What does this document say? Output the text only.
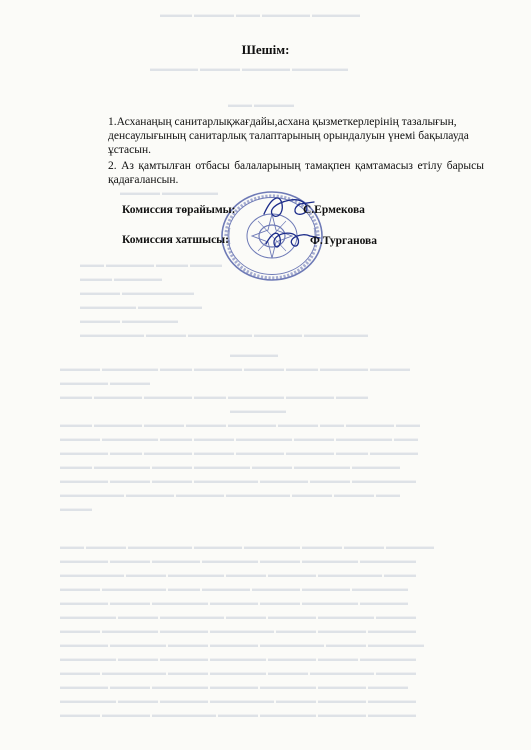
▬▬▬▬ ▬▬▬▬▬ ▬▬▬ ▬▬▬▬▬▬ ▬▬▬▬▬▬
▬▬▬▬▬▬ ▬▬▬▬▬ ▬▬▬▬▬▬ ▬▬▬▬▬▬▬
▬▬▬ ▬▬▬▬▬
▬▬▬▬▬ ▬▬▬▬▬▬▬
▬▬▬ ▬▬▬▬▬▬ ▬▬▬▬ ▬▬▬▬
▬▬▬▬ ▬▬▬▬▬▬
▬▬▬▬▬ ▬▬▬▬▬▬▬▬▬
▬▬▬▬▬▬▬ ▬▬▬▬▬▬▬▬
▬▬▬▬▬ ▬▬▬▬▬▬▬
▬▬▬▬▬▬▬▬ ▬▬▬▬▬ ▬▬▬▬▬▬▬▬ ▬▬▬▬▬▬ ▬▬▬▬▬▬▬▬
▬▬▬▬▬▬
▬▬▬▬▬ ▬▬▬▬▬▬▬ ▬▬▬▬ ▬▬▬▬▬▬ ▬▬▬▬▬ ▬▬▬▬ ▬▬▬▬▬▬ ▬▬▬▬▬
▬▬▬▬▬▬ ▬▬▬▬▬
▬▬▬▬ ▬▬▬▬▬▬ ▬▬▬▬▬▬ ▬▬▬▬ ▬▬▬▬▬▬▬ ▬▬▬▬▬▬ ▬▬▬▬
▬▬▬▬▬▬▬
▬▬▬▬ ▬▬▬▬▬▬ ▬▬▬▬▬ ▬▬▬▬▬ ▬▬▬▬▬▬ ▬▬▬▬▬ ▬▬▬ ▬▬▬▬▬▬ ▬▬▬
▬▬▬▬▬ ▬▬▬▬▬▬▬ ▬▬▬▬ ▬▬▬▬▬ ▬▬▬▬▬▬▬ ▬▬▬▬▬ ▬▬▬▬▬▬▬ ▬▬▬
▬▬▬▬▬▬ ▬▬▬▬ ▬▬▬▬▬▬ ▬▬▬▬▬ ▬▬▬▬▬▬ ▬▬▬▬▬▬ ▬▬▬▬ ▬▬▬▬▬▬
▬▬▬▬ ▬▬▬▬▬▬▬ ▬▬▬▬▬ ▬▬▬▬▬▬▬ ▬▬▬▬▬ ▬▬▬▬▬▬▬ ▬▬▬▬▬▬
▬▬▬▬▬▬ ▬▬▬▬▬ ▬▬▬▬▬ ▬▬▬▬▬▬▬▬ ▬▬▬▬▬▬ ▬▬▬▬▬ ▬▬▬▬▬▬▬▬
▬▬▬▬▬▬▬▬ ▬▬▬▬▬▬ ▬▬▬▬▬▬ ▬▬▬▬▬▬▬▬ ▬▬▬▬▬ ▬▬▬▬▬ ▬▬▬
▬▬▬▬
▬▬▬ ▬▬▬▬▬ ▬▬▬▬▬▬▬▬ ▬▬▬▬▬▬ ▬▬▬▬▬▬▬ ▬▬▬▬▬ ▬▬▬▬▬ ▬▬▬▬▬▬
▬▬▬▬▬▬ ▬▬▬▬▬ ▬▬▬▬▬▬ ▬▬▬▬▬▬▬ ▬▬▬▬▬ ▬▬▬▬▬▬▬ ▬▬▬▬▬▬▬
▬▬▬▬▬▬▬▬ ▬▬▬▬▬ ▬▬▬▬▬▬▬ ▬▬▬▬▬ ▬▬▬▬▬▬ ▬▬▬▬▬▬▬▬ ▬▬▬▬
▬▬▬▬▬ ▬▬▬▬▬▬▬▬ ▬▬▬▬ ▬▬▬▬▬▬ ▬▬▬▬▬▬ ▬▬▬▬▬▬ ▬▬▬▬▬▬▬
▬▬▬▬▬▬ ▬▬▬▬▬ ▬▬▬▬▬▬▬ ▬▬▬▬▬▬ ▬▬▬▬▬ ▬▬▬▬▬▬▬ ▬▬▬▬▬▬
▬▬▬▬▬▬▬ ▬▬▬▬▬ ▬▬▬▬▬▬▬▬ ▬▬▬▬▬ ▬▬▬▬▬▬ ▬▬▬▬▬▬▬ ▬▬▬▬▬
▬▬▬▬▬ ▬▬▬▬▬▬▬ ▬▬▬▬▬▬ ▬▬▬▬▬▬▬▬ ▬▬▬▬▬ ▬▬▬▬▬▬ ▬▬▬▬▬▬
▬▬▬▬▬▬ ▬▬▬▬▬▬▬ ▬▬▬▬▬ ▬▬▬▬▬▬ ▬▬▬▬▬▬▬▬ ▬▬▬▬▬ ▬▬▬▬▬▬▬
▬▬▬▬▬▬▬ ▬▬▬▬▬ ▬▬▬▬▬▬ ▬▬▬▬▬▬▬ ▬▬▬▬▬▬ ▬▬▬▬▬ ▬▬▬▬▬▬▬
▬▬▬▬▬ ▬▬▬▬▬▬▬▬ ▬▬▬▬▬ ▬▬▬▬▬▬▬ ▬▬▬▬▬ ▬▬▬▬▬▬▬▬ ▬▬▬▬▬
▬▬▬▬▬▬ ▬▬▬▬▬ ▬▬▬▬▬▬▬ ▬▬▬▬▬▬ ▬▬▬▬▬▬▬ ▬▬▬▬▬▬ ▬▬▬▬▬
▬▬▬▬▬▬▬ ▬▬▬▬▬ ▬▬▬▬▬▬ ▬▬▬▬▬▬▬▬ ▬▬▬▬▬ ▬▬▬▬▬▬ ▬▬▬▬▬▬
▬▬▬▬▬ ▬▬▬▬▬▬ ▬▬▬▬▬▬▬▬ ▬▬▬▬▬ ▬▬▬▬▬▬▬ ▬▬▬▬▬▬ ▬▬▬▬▬▬
Шешім:
1.Асханаңың санитарлықжағдайы,асхана қызметкерлерінің тазалығын, денсаулығының санитарлық талаптарының орындалуын үнемі бақылауда ұстасын.
2. Аз қамтылған отбасы балаларының тамақпен қамтамасыз етілу барысы қадағалансын.
Комиссия төрайымы:
Комиссия хатшысы:
С.Ермекова
Ф.Турганова
